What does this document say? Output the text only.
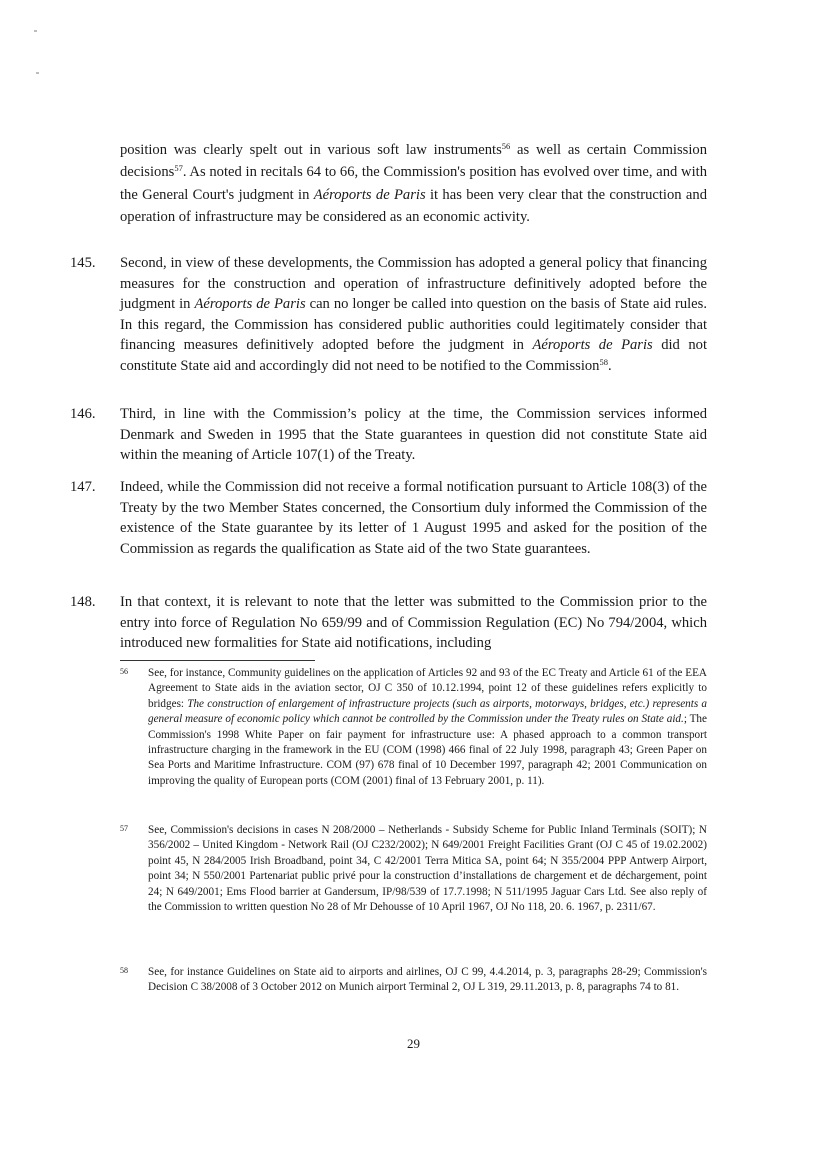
position was clearly spelt out in various soft law instruments$^{56}$ as well as certain Commission decisions$^{57}$. As noted in recitals 64 to 66, the Commission's position has evolved over time, and with the General Court's judgment in Aéroports de Paris it has been very clear that the construction and operation of infrastructure may be considered as an economic activity.

145. Second, in view of these developments, the Commission has adopted a general policy that financing measures for the construction and operation of infrastructure definitively adopted before the judgment in Aéroports de Paris can no longer be called into question on the basis of State aid rules. In this regard, the Commission has considered public authorities could legitimately consider that financing measures definitively adopted before the judgment in Aéroports de Paris did not constitute State aid and accordingly did not need to be notified to the Commission$^{58}$.

146. Third, in line with the Commission’s policy at the time, the Commission services informed Denmark and Sweden in 1995 that the State guarantees in question did not constitute State aid within the meaning of Article 107(1) of the Treaty.

147. Indeed, while the Commission did not receive a formal notification pursuant to Article 108(3) of the Treaty by the two Member States concerned, the Consortium duly informed the Commission of the existence of the State guarantee by its letter of 1 August 1995 and asked for the position of the Commission as regards the qualification as State aid of the two State guarantees.

148. In that context, it is relevant to note that the letter was submitted to the Commission prior to the entry into force of Regulation No 659/99 and of Commission Regulation (EC) No 794/2004, which introduced new formalities for State aid notifications, including

56 See, for instance, Community guidelines on the application of Articles 92 and 93 of the EC Treaty and Article 61 of the EEA Agreement to State aids in the aviation sector, OJ C 350 of 10.12.1994, point 12 of these guidelines refers explicitly to bridges: The construction of enlargement of infrastructure projects (such as airports, motorways, bridges, etc.) represents a general measure of economic policy which cannot be controlled by the Commission under the Treaty rules on State aid.; The Commission's 1998 White Paper on fair payment for infrastructure use: A phased approach to a common transport infrastructure charging in the framework in the EU (COM (1998) 466 final of 22 July 1998, paragraph 43; Green Paper on Sea Ports and Maritime Infrastructure. COM (97) 678 final of 10 December 1997, paragraph 42; 2001 Communication on improving the quality of European ports (COM (2001) final of 13 February 2001, p. 11).

57 See, Commission's decisions in cases N 208/2000 – Netherlands - Subsidy Scheme for Public Inland Terminals (SOIT); N 356/2002 – United Kingdom - Network Rail (OJ C232/2002); N 649/2001 Freight Facilities Grant (OJ C 45 of 19.02.2002) point 45, N 284/2005 Irish Broadband, point 34, C 42/2001 Terra Mitica SA, point 64; N 355/2004 PPP Antwerp Airport, point 34; N 550/2001 Partenariat public privé pour la construction d’installations de chargement et de déchargement, point 24; N 649/2001; Ems Flood barrier at Gandersum, IP/98/539 of 17.7.1998; N 511/1995 Jaguar Cars Ltd. See also reply of the Commission to written question No 28 of Mr Dehousse of 10 April 1967, OJ No 118, 20. 6. 1967, p. 2311/67.

58 See, for instance Guidelines on State aid to airports and airlines, OJ C 99, 4.4.2014, p. 3, paragraphs 28-29; Commission's Decision C 38/2008 of 3 October 2012 on Munich airport Terminal 2, OJ L 319, 29.11.2013, p. 8, paragraphs 74 to 81.

29
